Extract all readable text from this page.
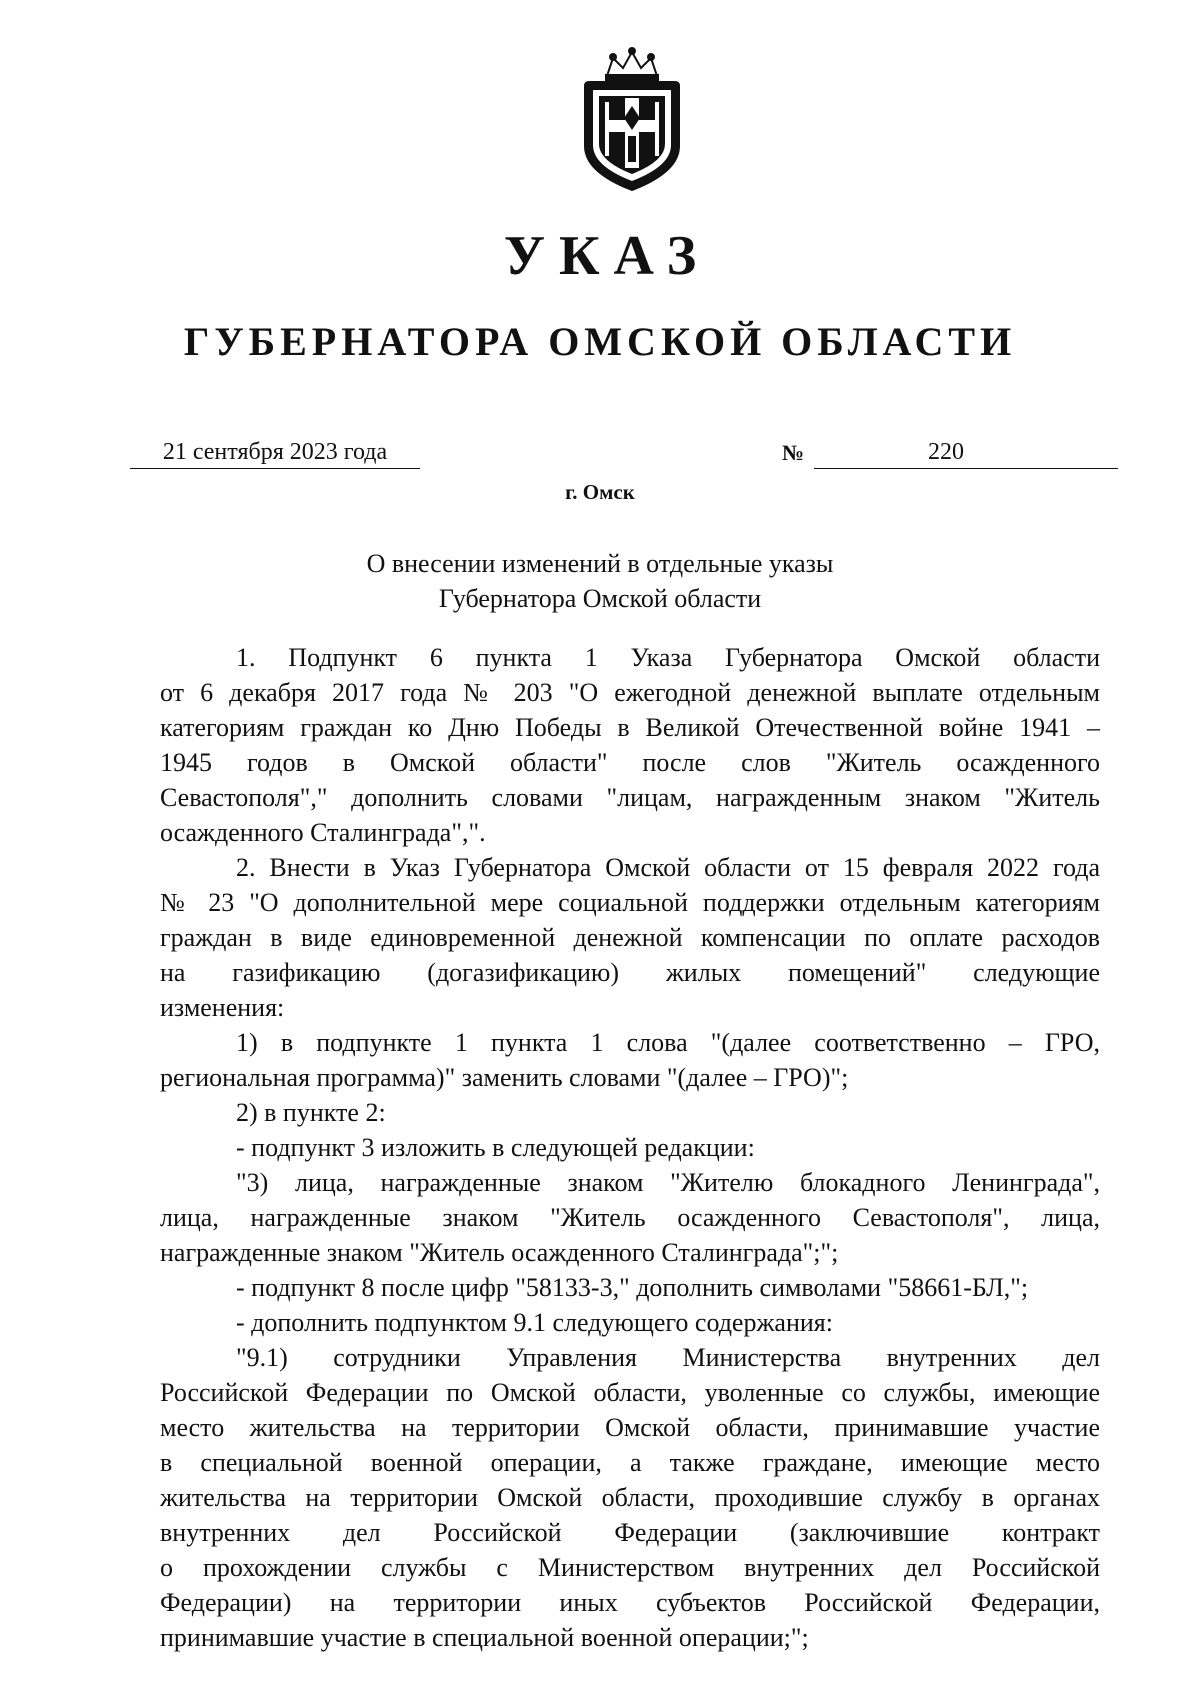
УКАЗ
ГУБЕРНАТОРА ОМСКОЙ ОБЛАСТИ
21 сентября 2023 года	№	220
г. Омск
О внесении изменений в отдельные указы
Губернатора Омской области
1. Подпункт 6 пункта 1 Указа Губернатора Омской области
от 6 декабря 2017 года № 203 "О ежегодной денежной выплате отдельным
категориям граждан ко Дню Победы в Великой Отечественной войне 1941 –
1945 годов в Омской области" после слов "Житель осажденного
Севастополя"," дополнить словами "лицам, награжденным знаком "Житель
осажденного Сталинграда",".
2. Внести в Указ Губернатора Омской области от 15 февраля 2022 года
№ 23 "О дополнительной мере социальной поддержки отдельным категориям
граждан в виде единовременной денежной компенсации по оплате расходов
на газификацию (догазификацию) жилых помещений" следующие
изменения:
1) в подпункте 1 пункта 1 слова "(далее соответственно – ГРО,
региональная программа)" заменить словами "(далее – ГРО)";
2) в пункте 2:
- подпункт 3 изложить в следующей редакции:
"3) лица, награжденные знаком "Жителю блокадного Ленинграда",
лица, награжденные знаком "Житель осажденного Севастополя", лица,
награжденные знаком "Житель осажденного Сталинграда";";
- подпункт 8 после цифр "58133-3," дополнить символами "58661-БЛ,";
- дополнить подпунктом 9.1 следующего содержания:
"9.1) сотрудники Управления Министерства внутренних дел
Российской Федерации по Омской области, уволенные со службы, имеющие
место жительства на территории Омской области, принимавшие участие
в специальной военной операции, а также граждане, имеющие место
жительства на территории Омской области, проходившие службу в органах
внутренних дел Российской Федерации (заключившие контракт
о прохождении службы с Министерством внутренних дел Российской
Федерации) на территории иных субъектов Российской Федерации,
принимавшие участие в специальной военной операции;";
